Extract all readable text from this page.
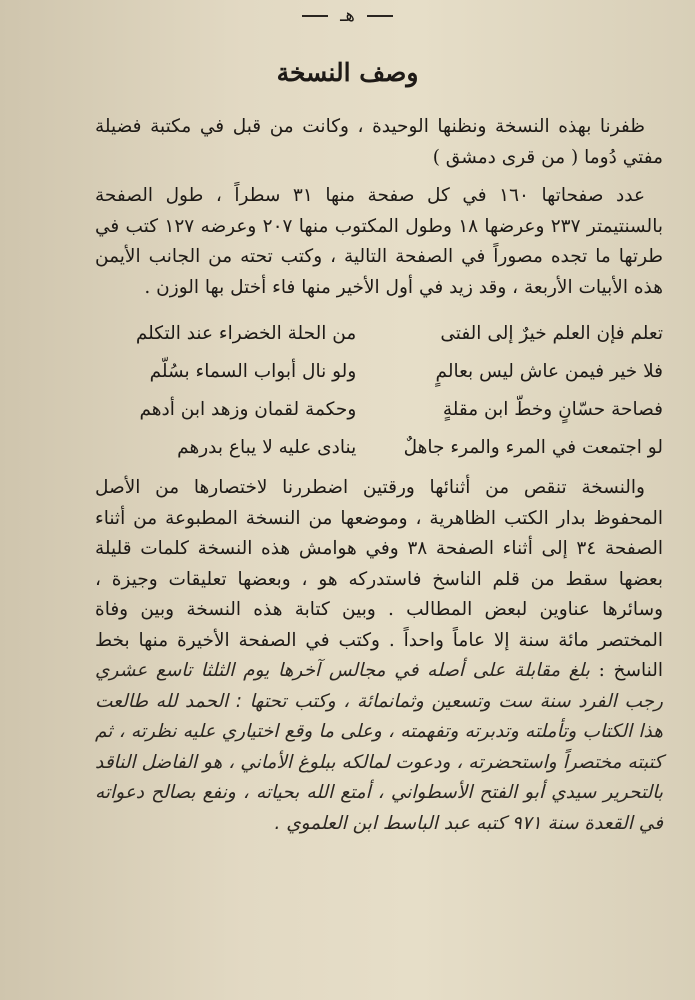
هـ
وصف النسخة

ظفرنا بهذه النسخة ونظنها الوحيدة ، وكانت من قبل في مكتبة فضيلة مفتي دُوما ( من قرى دمشق )

عدد صفحاتها ١٦٠ في كل صفحة منها ٣١ سطراً ، طول الصفحة بالسنتيمتر ٢٣٧ وعرضها ١٨ وطول المكتوب منها ٢٠٧ وعرضه ١٢٧ كتب في طرتها ما تجده مصوراً في الصفحة التالية ، وكتب تحته من الجانب الأيمن هذه الأبيات الأربعة ، وقد زيد في أول الأخير منها فاء أختل بها الوزن .

تعلم فإن العلم خيرٌ إلى الفتى
من الحلة الخضراء عند التكلم
فلا خير فيمن عاش ليس بعالمٍ
ولو نال أبواب السماء بسُلّم
فصاحة حسّانٍ وخطّ ابن مقلةٍ
وحكمة لقمان وزهد ابن أدهم
لو اجتمعت في المرء والمرء جاهلٌ
ينادى عليه لا يباع بدرهم

والنسخة تنقص من أثنائها ورقتين اضطررنا لاختصارها من الأصل المحفوظ بدار الكتب الظاهرية ، وموضعها من النسخة المطبوعة من أثناء الصفحة ٣٤ إلى أثناء الصفحة ٣٨ وفي هوامش هذه النسخة كلمات قليلة بعضها سقط من قلم الناسخ فاستدركه هو ، وبعضها تعليقات وجيزة ، وسائرها عناوين لبعض المطالب . وبين كتابة هذه النسخة وبين وفاة المختصر مائة سنة إلا عاماً واحداً . وكتب في الصفحة الأخيرة منها بخط الناسخ : بلغ مقابلة على أصله في مجالس آخرها يوم الثلثا تاسع عشري رجب الفرد سنة ست وتسعين وثمانمائة ، وكتب تحتها : الحمد لله طالعت هذا الكتاب وتأملته وتدبرته وتفهمته ، وعلى ما وقع اختياري عليه نظرته ، ثم كتبته مختصراً واستحضرته ، ودعوت لمالكه ببلوغ الأماني ، هو الفاضل الناقد بالتحرير سيدي أبو الفتح الأسطواني ، أمتع الله بحياته ، ونفع بصالح دعواته في القعدة سنة ٩٧١ كتبه عبد الباسط ابن العلموي .
